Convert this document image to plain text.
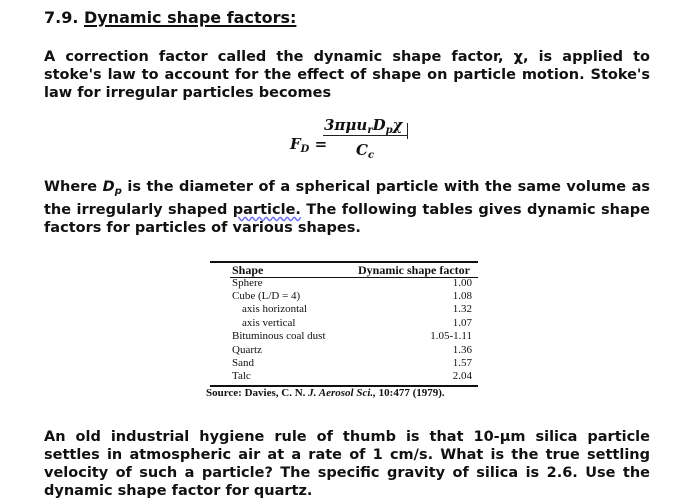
7.9. Dynamic shape factors:
A correction factor called the dynamic shape factor, χ, is applied to stoke's law to account for the effect of shape on particle motion. Stoke's law for irregular particles becomes
$F_D$ =
$3\pi\mu u_rD_p\chi$
$C_c$
Where $D_p$ is the diameter of a spherical particle with the same volume as the irregularly shaped particle. The following tables gives dynamic shape factors for particles of various shapes.
Shape	Dynamic shape factor
Sphere	1.00
Cube (L/D = 4)	1.08
axis horizontal	1.32
axis vertical	1.07
Bituminous coal dust	1.05-1.11
Quartz	1.36
Sand	1.57
Talc	2.04
Source: Davies, C. N. J. Aerosol Sci., 10:477 (1979).
An old industrial hygiene rule of thumb is that 10-μm silica particle settles in atmospheric air at a rate of 1 cm/s. What is the true settling velocity of such a particle? The specific gravity of silica is 2.6. Use the dynamic shape factor for quartz.
